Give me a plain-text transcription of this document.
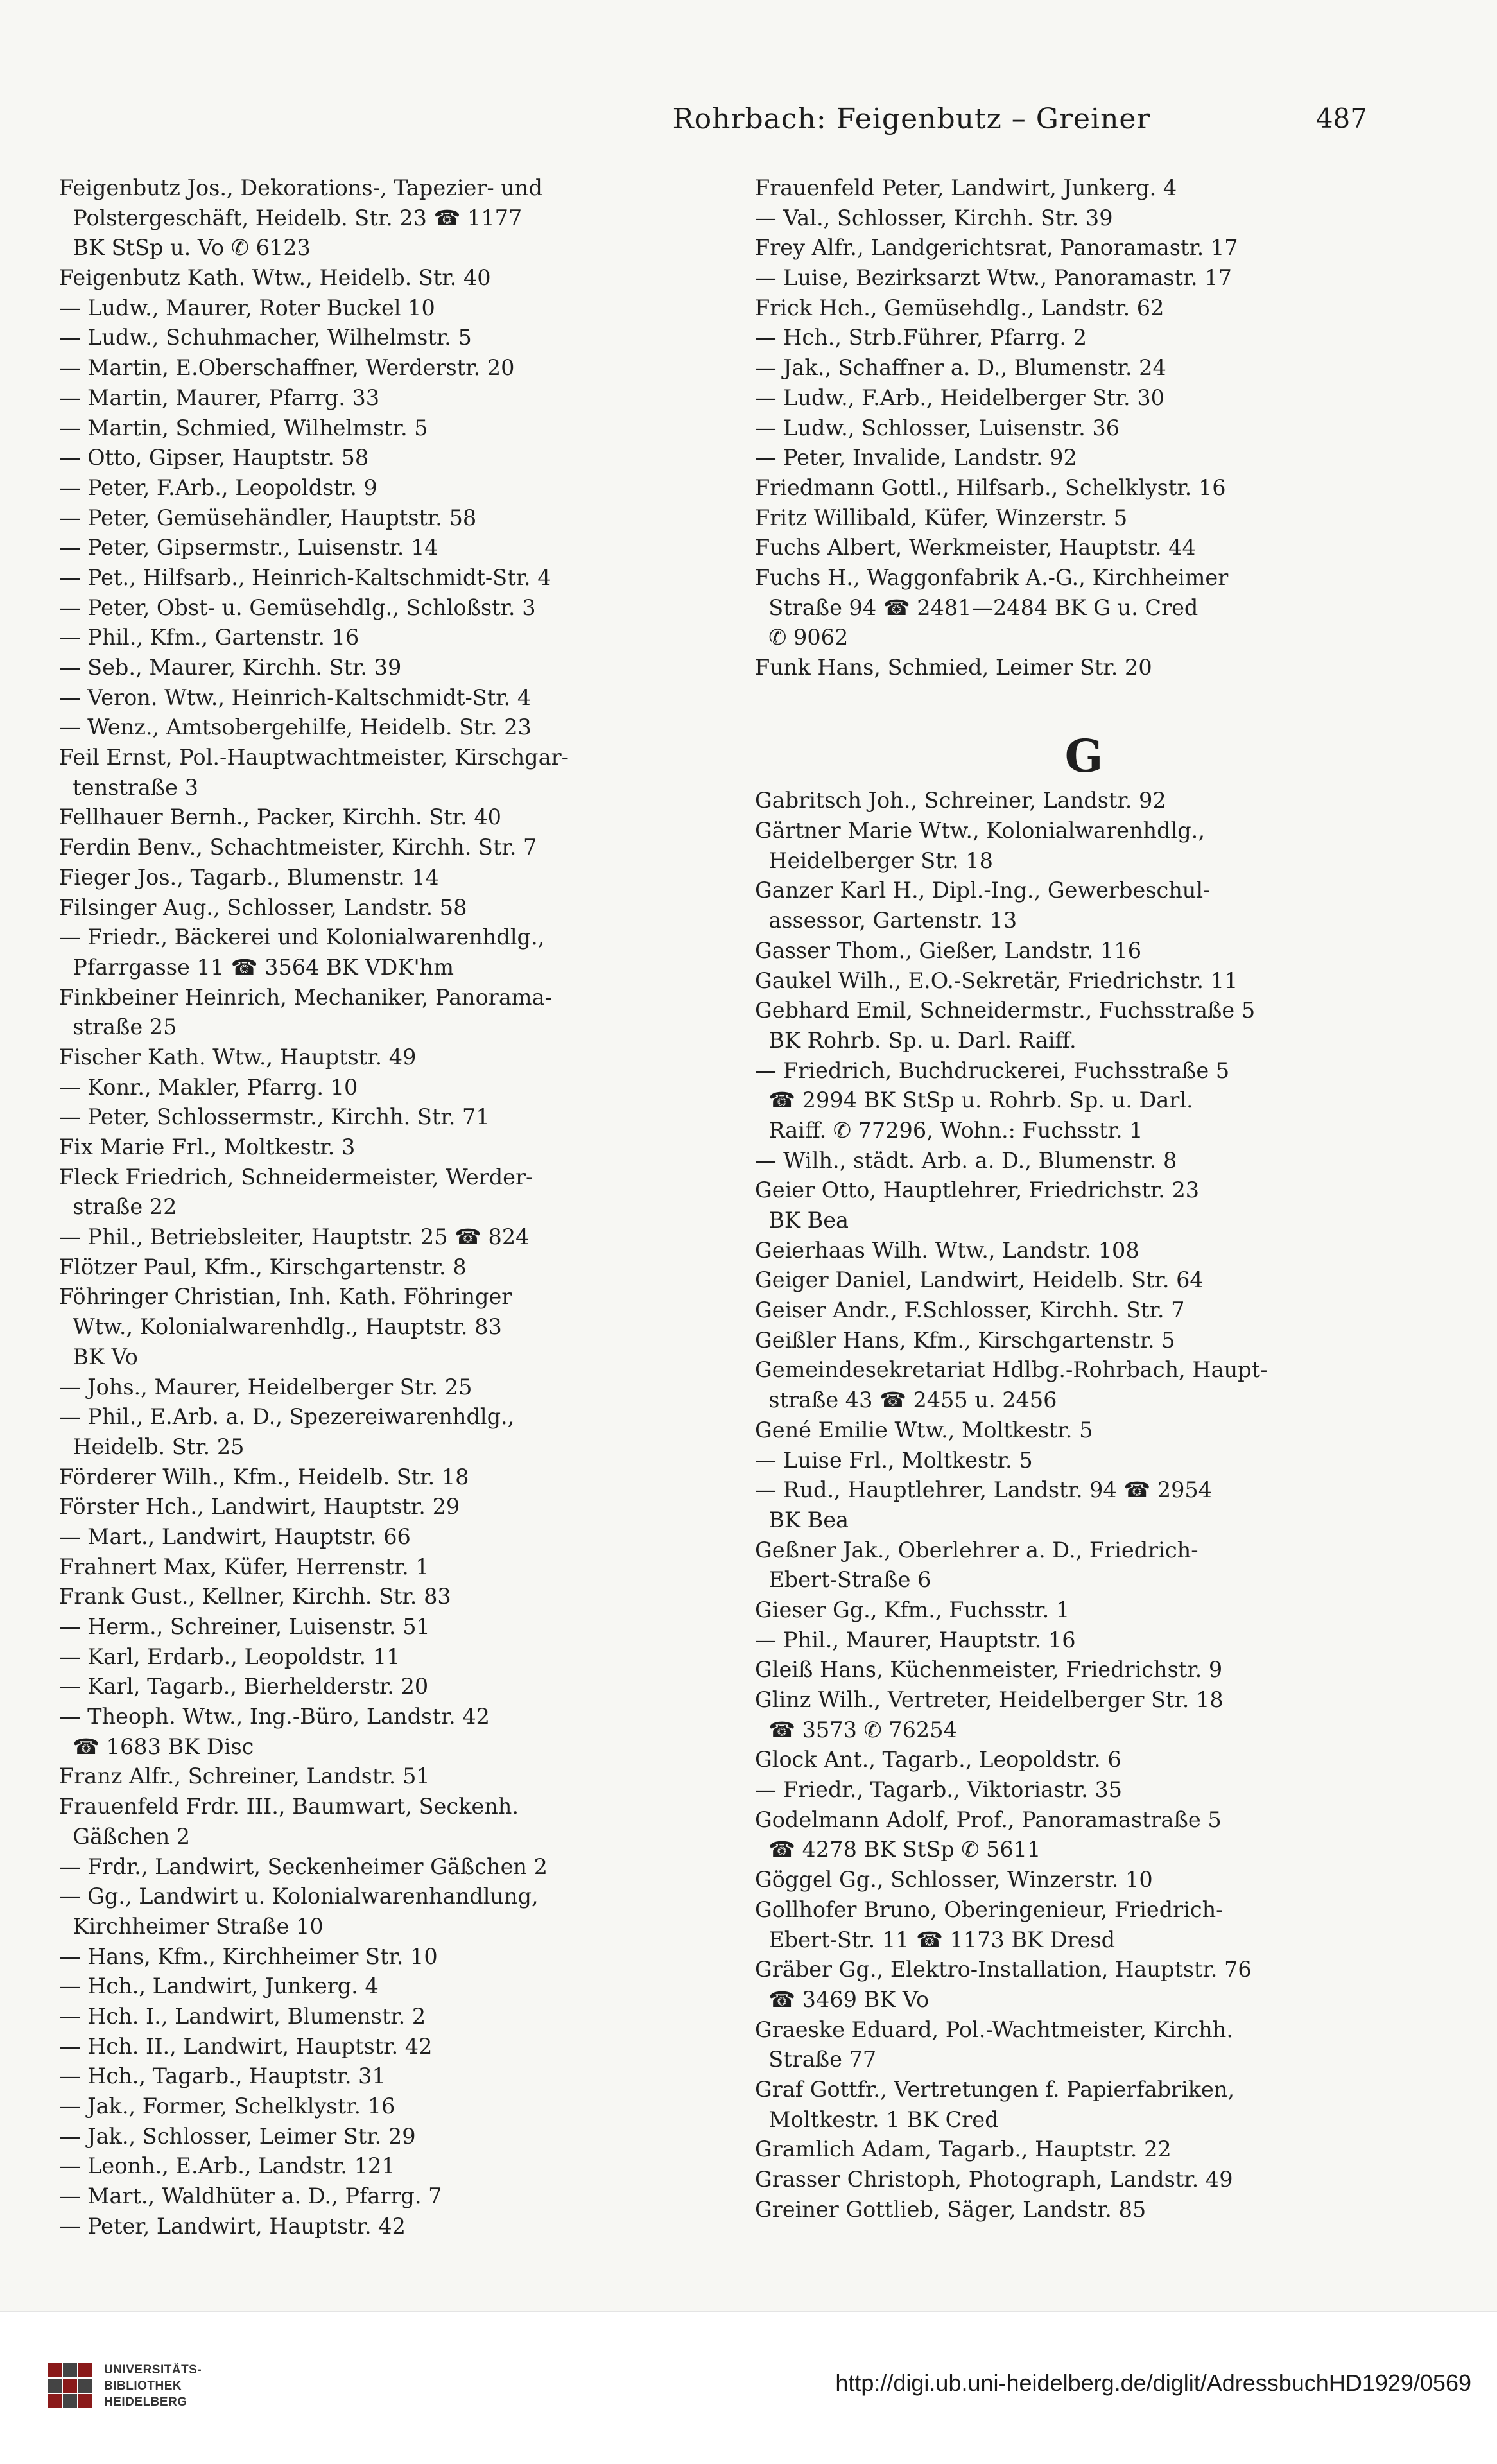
Rohrbach: Feigenbutz – Greiner	487
Feigenbutz Jos., Dekorations-, Tapezier- und
Polstergeschäft, Heidelb. Str. 23 ☎ 1177
BK StSp u. Vo ✆ 6123
Feigenbutz Kath. Wtw., Heidelb. Str. 40
— Ludw., Maurer, Roter Buckel 10
— Ludw., Schuhmacher, Wilhelmstr. 5
— Martin, E.Oberschaffner, Werderstr. 20
— Martin, Maurer, Pfarrg. 33
— Martin, Schmied, Wilhelmstr. 5
— Otto, Gipser, Hauptstr. 58
— Peter, F.Arb., Leopoldstr. 9
— Peter, Gemüsehändler, Hauptstr. 58
— Peter, Gipsermstr., Luisenstr. 14
— Pet., Hilfsarb., Heinrich-Kaltschmidt-Str. 4
— Peter, Obst- u. Gemüsehdlg., Schloßstr. 3
— Phil., Kfm., Gartenstr. 16
— Seb., Maurer, Kirchh. Str. 39
— Veron. Wtw., Heinrich-Kaltschmidt-Str. 4
— Wenz., Amtsobergehilfe, Heidelb. Str. 23
Feil Ernst, Pol.-Hauptwachtmeister, Kirschgar-
tenstraße 3
Fellhauer Bernh., Packer, Kirchh. Str. 40
Ferdin Benv., Schachtmeister, Kirchh. Str. 7
Fieger Jos., Tagarb., Blumenstr. 14
Filsinger Aug., Schlosser, Landstr. 58
— Friedr., Bäckerei und Kolonialwarenhdlg.,
Pfarrgasse 11 ☎ 3564 BK VDK'hm
Finkbeiner Heinrich, Mechaniker, Panorama-
straße 25
Fischer Kath. Wtw., Hauptstr. 49
— Konr., Makler, Pfarrg. 10
— Peter, Schlossermstr., Kirchh. Str. 71
Fix Marie Frl., Moltkestr. 3
Fleck Friedrich, Schneidermeister, Werder-
straße 22
— Phil., Betriebsleiter, Hauptstr. 25 ☎ 824
Flötzer Paul, Kfm., Kirschgartenstr. 8
Föhringer Christian, Inh. Kath. Föhringer
Wtw., Kolonialwarenhdlg., Hauptstr. 83
BK Vo
— Johs., Maurer, Heidelberger Str. 25
— Phil., E.Arb. a. D., Spezereiwarenhdlg.,
Heidelb. Str. 25
Förderer Wilh., Kfm., Heidelb. Str. 18
Förster Hch., Landwirt, Hauptstr. 29
— Mart., Landwirt, Hauptstr. 66
Frahnert Max, Küfer, Herrenstr. 1
Frank Gust., Kellner, Kirchh. Str. 83
— Herm., Schreiner, Luisenstr. 51
— Karl, Erdarb., Leopoldstr. 11
— Karl, Tagarb., Bierhelderstr. 20
— Theoph. Wtw., Ing.-Büro, Landstr. 42
☎ 1683 BK Disc
Franz Alfr., Schreiner, Landstr. 51
Frauenfeld Frdr. III., Baumwart, Seckenh.
Gäßchen 2
— Frdr., Landwirt, Seckenheimer Gäßchen 2
— Gg., Landwirt u. Kolonialwarenhandlung,
Kirchheimer Straße 10
— Hans, Kfm., Kirchheimer Str. 10
— Hch., Landwirt, Junkerg. 4
— Hch. I., Landwirt, Blumenstr. 2
— Hch. II., Landwirt, Hauptstr. 42
— Hch., Tagarb., Hauptstr. 31
— Jak., Former, Schelklystr. 16
— Jak., Schlosser, Leimer Str. 29
— Leonh., E.Arb., Landstr. 121
— Mart., Waldhüter a. D., Pfarrg. 7
— Peter, Landwirt, Hauptstr. 42
Frauenfeld Peter, Landwirt, Junkerg. 4
— Val., Schlosser, Kirchh. Str. 39
Frey Alfr., Landgerichtsrat, Panoramastr. 17
— Luise, Bezirksarzt Wtw., Panoramastr. 17
Frick Hch., Gemüsehdlg., Landstr. 62
— Hch., Strb.Führer, Pfarrg. 2
— Jak., Schaffner a. D., Blumenstr. 24
— Ludw., F.Arb., Heidelberger Str. 30
— Ludw., Schlosser, Luisenstr. 36
— Peter, Invalide, Landstr. 92
Friedmann Gottl., Hilfsarb., Schelklystr. 16
Fritz Willibald, Küfer, Winzerstr. 5
Fuchs Albert, Werkmeister, Hauptstr. 44
Fuchs H., Waggonfabrik A.-G., Kirchheimer
Straße 94 ☎ 2481—2484 BK G u. Cred
✆ 9062
Funk Hans, Schmied, Leimer Str. 20
G
Gabritsch Joh., Schreiner, Landstr. 92
Gärtner Marie Wtw., Kolonialwarenhdlg.,
Heidelberger Str. 18
Ganzer Karl H., Dipl.-Ing., Gewerbeschul-
assessor, Gartenstr. 13
Gasser Thom., Gießer, Landstr. 116
Gaukel Wilh., E.O.-Sekretär, Friedrichstr. 11
Gebhard Emil, Schneidermstr., Fuchsstraße 5
BK Rohrb. Sp. u. Darl. Raiff.
— Friedrich, Buchdruckerei, Fuchsstraße 5
☎ 2994 BK StSp u. Rohrb. Sp. u. Darl.
Raiff. ✆ 77296, Wohn.: Fuchsstr. 1
— Wilh., städt. Arb. a. D., Blumenstr. 8
Geier Otto, Hauptlehrer, Friedrichstr. 23
BK Bea
Geierhaas Wilh. Wtw., Landstr. 108
Geiger Daniel, Landwirt, Heidelb. Str. 64
Geiser Andr., F.Schlosser, Kirchh. Str. 7
Geißler Hans, Kfm., Kirschgartenstr. 5
Gemeindesekretariat Hdlbg.-Rohrbach, Haupt-
straße 43 ☎ 2455 u. 2456
Gené Emilie Wtw., Moltkestr. 5
— Luise Frl., Moltkestr. 5
— Rud., Hauptlehrer, Landstr. 94 ☎ 2954
BK Bea
Geßner Jak., Oberlehrer a. D., Friedrich-
Ebert-Straße 6
Gieser Gg., Kfm., Fuchsstr. 1
— Phil., Maurer, Hauptstr. 16
Gleiß Hans, Küchenmeister, Friedrichstr. 9
Glinz Wilh., Vertreter, Heidelberger Str. 18
☎ 3573 ✆ 76254
Glock Ant., Tagarb., Leopoldstr. 6
— Friedr., Tagarb., Viktoriastr. 35
Godelmann Adolf, Prof., Panoramastraße 5
☎ 4278 BK StSp ✆ 5611
Göggel Gg., Schlosser, Winzerstr. 10
Gollhofer Bruno, Oberingenieur, Friedrich-
Ebert-Str. 11 ☎ 1173 BK Dresd
Gräber Gg., Elektro-Installation, Hauptstr. 76
☎ 3469 BK Vo
Graeske Eduard, Pol.-Wachtmeister, Kirchh.
Straße 77
Graf Gottfr., Vertretungen f. Papierfabriken,
Moltkestr. 1 BK Cred
Gramlich Adam, Tagarb., Hauptstr. 22
Grasser Christoph, Photograph, Landstr. 49
Greiner Gottlieb, Säger, Landstr. 85
UNIVERSITÄTS-
BIBLIOTHEK
HEIDELBERG
http://digi.ub.uni-heidelberg.de/diglit/AdressbuchHD1929/0569
